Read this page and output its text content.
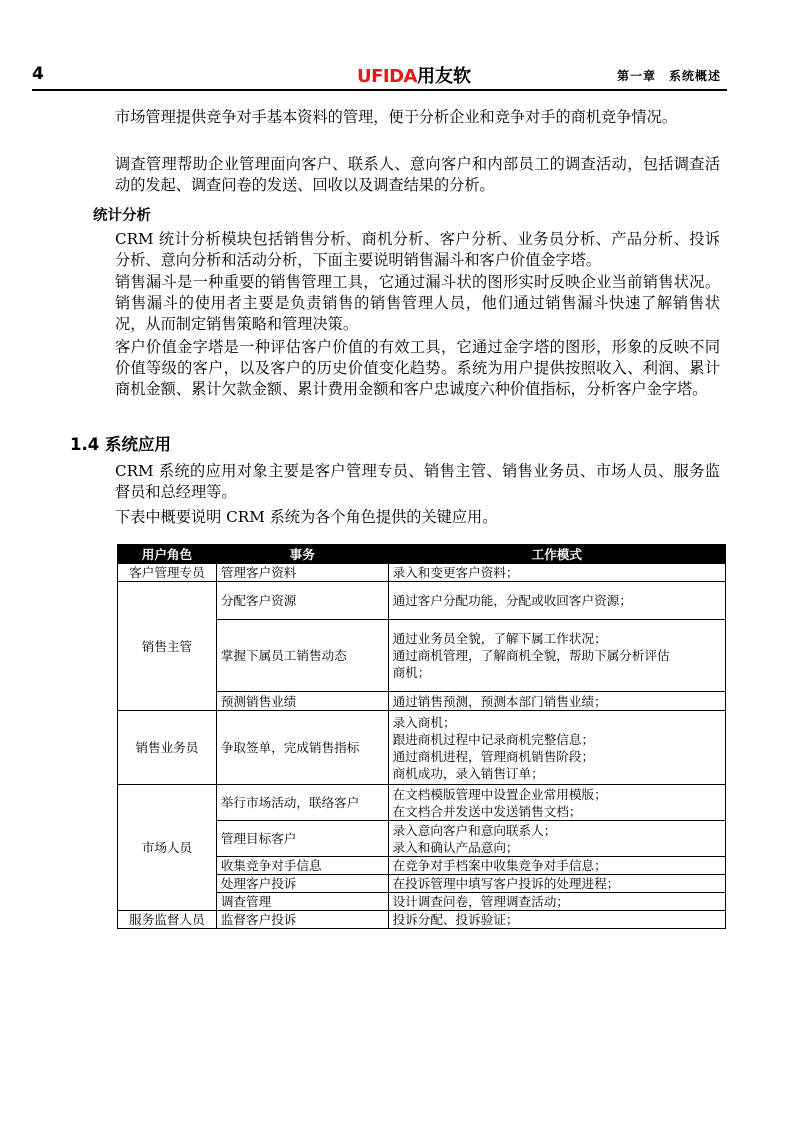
4	UFIDA用友软	第一章　系统概述
市场管理提供竞争对手基本资料的管理，便于分析企业和竞争对手的商机竞争情况。
调查管理帮助企业管理面向客户、联系人、意向客户和内部员工的调查活动，包括调查活动的发起、调查问卷的发送、回收以及调查结果的分析。
统计分析
CRM 统计分析模块包括销售分析、商机分析、客户分析、业务员分析、产品分析、投诉分析、意向分析和活动分析，下面主要说明销售漏斗和客户价值金字塔。
销售漏斗是一种重要的销售管理工具，它通过漏斗状的图形实时反映企业当前销售状况。销售漏斗的使用者主要是负责销售的销售管理人员，他们通过销售漏斗快速了解销售状况，从而制定销售策略和管理决策。
客户价值金字塔是一种评估客户价值的有效工具，它通过金字塔的图形，形象的反映不同价值等级的客户，以及客户的历史价值变化趋势。系统为用户提供按照收入、利润、累计商机金额、累计欠款金额、累计费用金额和客户忠诚度六种价值指标，分析客户金字塔。
1.4 系统应用
CRM 系统的应用对象主要是客户管理专员、销售主管、销售业务员、市场人员、服务监督员和总经理等。
下表中概要说明 CRM 系统为各个角色提供的关键应用。
用户角色	事务	工作模式
客户管理专员	管理客户资料	录入和变更客户资料；

销售主管	分配客户资源	通过客户分配功能，分配或收回客户资源；

	掌握下属员工销售动态	通过业务员全貌，了解下属工作状况；
通过商机管理，了解商机全貌，帮助下属分析评估
商机；

	预测销售业绩	通过销售预测，预测本部门销售业绩；

销售业务员	争取签单，完成销售指标	录入商机；
跟进商机过程中记录商机完整信息；
通过商机进程，管理商机销售阶段；
商机成功，录入销售订单；

市场人员	举行市场活动，联络客户	在文档模版管理中设置企业常用模版；
在文档合并发送中发送销售文档；

	管理目标客户	录入意向客户和意向联系人；
录入和确认产品意向；

	收集竞争对手信息	在竞争对手档案中收集竞争对手信息；

	处理客户投诉	在投诉管理中填写客户投诉的处理进程；

	调查管理	设计调查问卷，管理调查活动；

服务监督人员	监督客户投诉	投诉分配、投诉验证；
